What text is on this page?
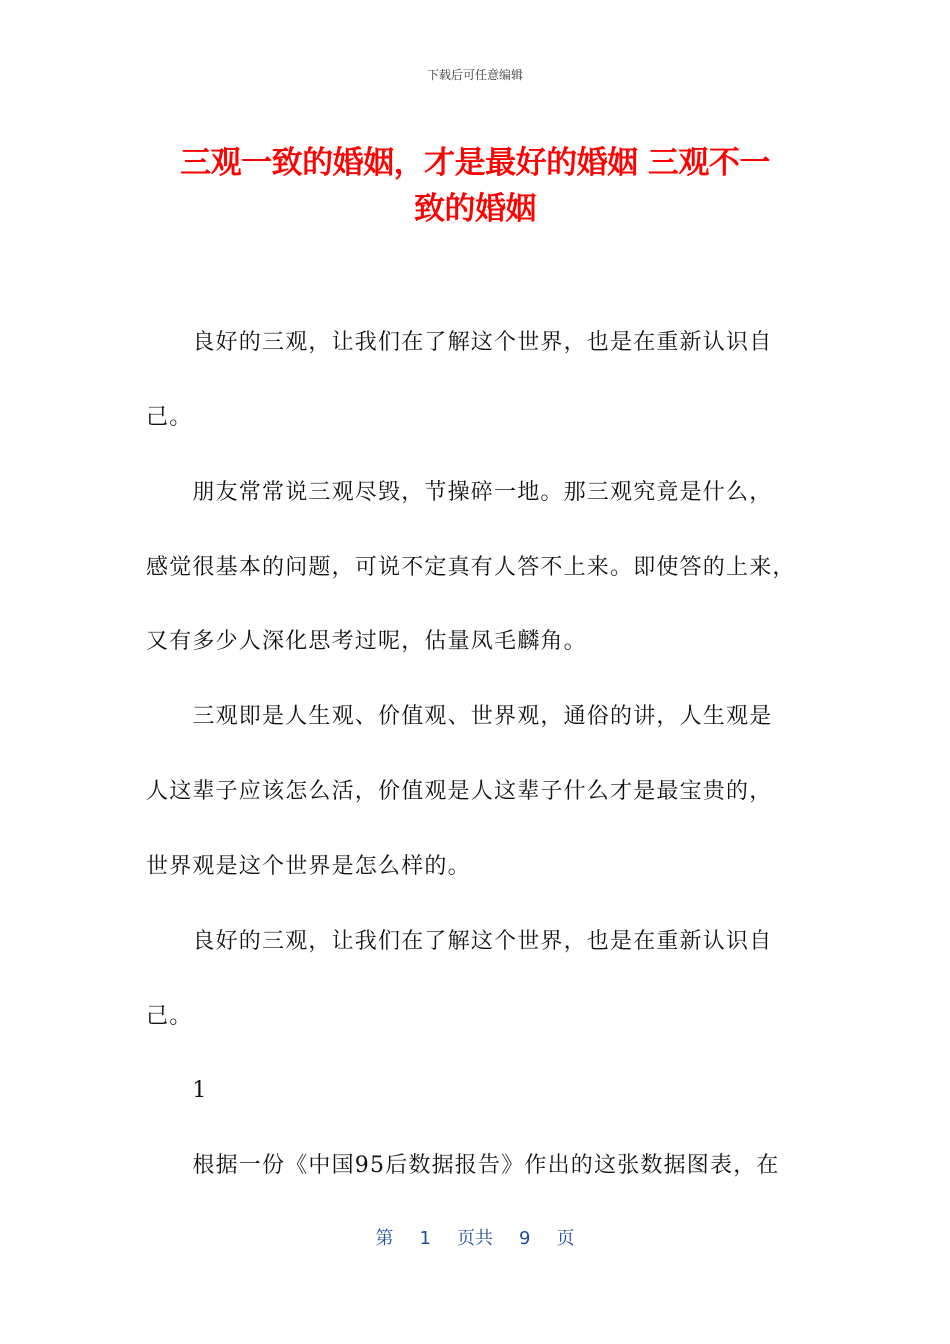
下载后可任意编辑
三观一致的婚姻，才是最好的婚姻 三观不一
致的婚姻
　　良好的三观，让我们在了解这个世界，也是在重新认识自
己。
　　朋友常常说三观尽毁，节操碎一地。那三观究竟是什么，
感觉很基本的问题，可说不定真有人答不上来。即使答的上来，
又有多少人深化思考过呢，估量凤毛麟角。
　　三观即是人生观、价值观、世界观，通俗的讲，人生观是
人这辈子应该怎么活，价值观是人这辈子什么才是最宝贵的，
世界观是这个世界是怎么样的。
　　良好的三观，让我们在了解这个世界，也是在重新认识自
己。
　　1
　　根据一份《中国95后数据报告》作出的这张数据图表，在
第 1 页共 9 页
